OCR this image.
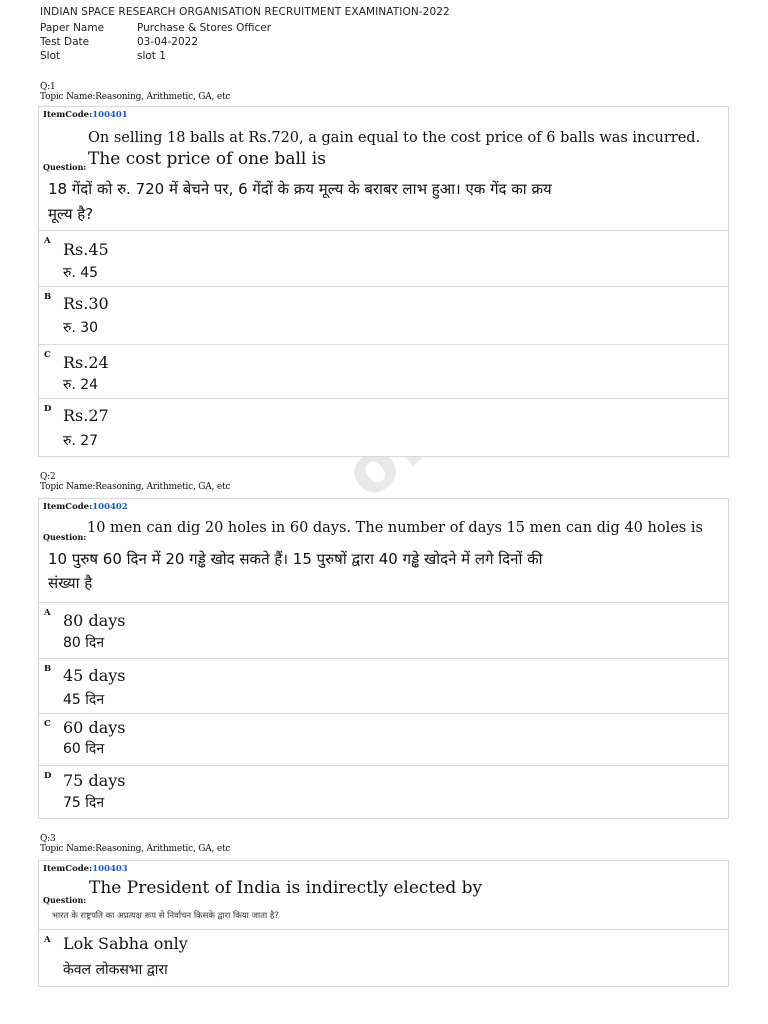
INDIAN SPACE RESEARCH ORGANISATION RECRUITMENT EXAMINATION-2022
Paper Name	Purchase & Stores Officer
Test Date	03-04-2022
Slot	slot 1
Q:1
Topic Name:Reasoning, Arithmetic, GA, etc
ItemCode:100401
On selling 18 balls at Rs.720, a gain equal to the cost price of 6 balls was incurred.
Question: The cost price of one ball is
18 गेंदों को रु. 720 में बेचने पर, 6 गेंदों के क्रय मूल्य के बराबर लाभ हुआ। एक गेंद का क्रय
मूल्य है?
A Rs.45
रु. 45
B Rs.30
रु. 30
C Rs.24
रु. 24
D Rs.27
रु. 27
Q:2
Topic Name:Reasoning, Arithmetic, GA, etc
ItemCode:100402
Question:
10 men can dig 20 holes in 60 days. The number of days 15 men can dig 40 holes is
10 पुरुष 60 दिन में 20 गड्ढे खोद सकते हैं। 15 पुरुषों द्वारा 40 गड्ढे खोदने में लगे दिनों की
संख्या है
A 80 days
80 दिन
B 45 days
45 दिन
C 60 days
60 दिन
D 75 days
75 दिन
Q:3
Topic Name:Reasoning, Arithmetic, GA, etc
ItemCode:100403
The President of India is indirectly elected by
Question:
भारत के राष्ट्रपति का अप्रत्यक्ष रूप से निर्वाचन किसके द्वारा किया जाता है?
A Lok Sabha only
केवल लोकसभा द्वारा
